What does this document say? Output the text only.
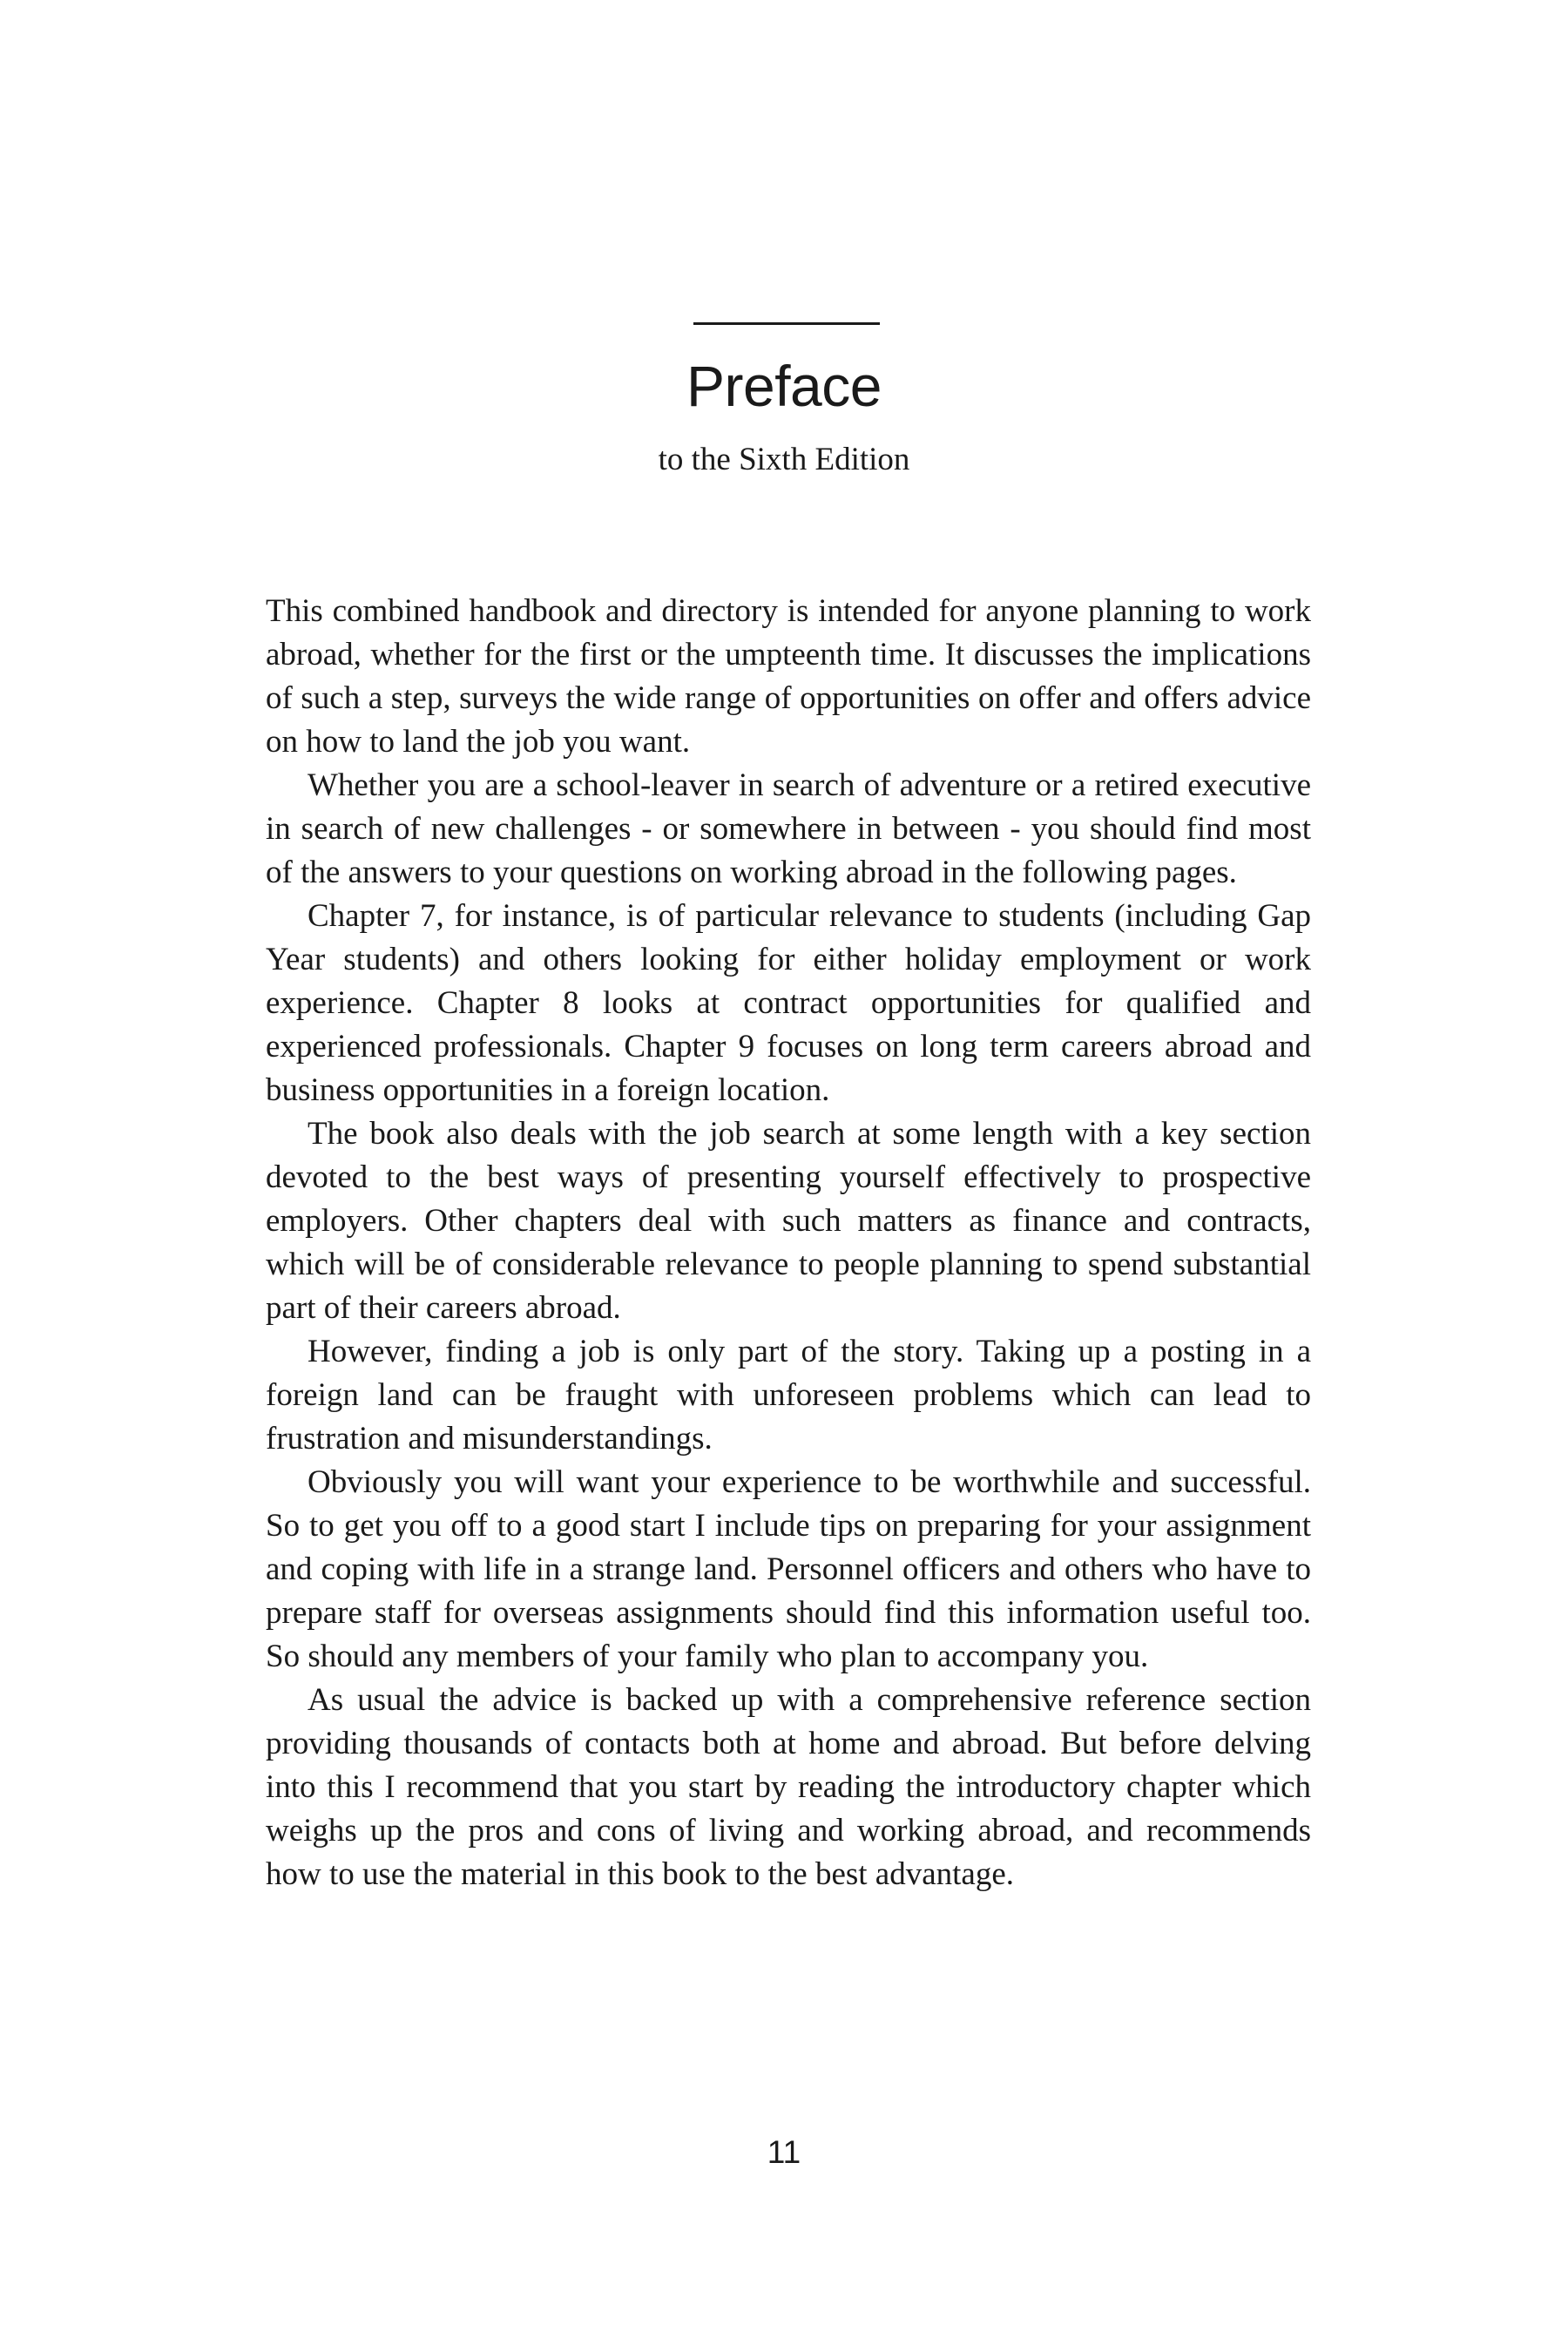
Preface
to the Sixth Edition

This combined handbook and directory is intended for anyone planning to work abroad, whether for the first or the umpteenth time. It discusses the implications of such a step, surveys the wide range of opportunities on offer and offers advice on how to land the job you want.

Whether you are a school-leaver in search of adventure or a retired executive in search of new challenges - or somewhere in between - you should find most of the answers to your questions on working abroad in the following pages.

Chapter 7, for instance, is of particular relevance to students (including Gap Year students) and others looking for either holiday employment or work experience. Chapter 8 looks at contract opportunities for qualified and experienced professionals. Chapter 9 focuses on long term careers abroad and business opportunities in a foreign location.

The book also deals with the job search at some length with a key section devoted to the best ways of presenting yourself effectively to prospective employers. Other chapters deal with such matters as finance and contracts, which will be of considerable relevance to people planning to spend substantial part of their careers abroad.

However, finding a job is only part of the story. Taking up a posting in a foreign land can be fraught with unforeseen problems which can lead to frustration and misunderstandings.

Obviously you will want your experience to be worthwhile and successful. So to get you off to a good start I include tips on preparing for your assignment and coping with life in a strange land. Personnel officers and others who have to prepare staff for overseas assignments should find this information useful too. So should any members of your family who plan to accompany you.

As usual the advice is backed up with a comprehensive reference section providing thousands of contacts both at home and abroad. But before delving into this I recommend that you start by reading the introductory chapter which weighs up the pros and cons of living and working abroad, and recommends how to use the material in this book to the best advantage.

11
